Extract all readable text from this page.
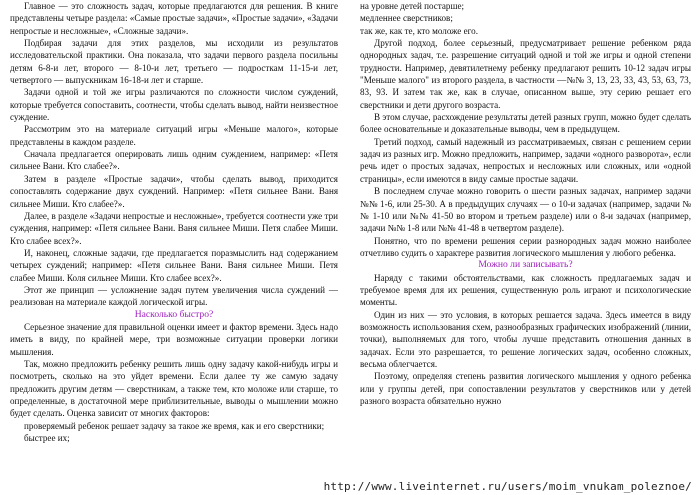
Главное — это сложность задач, которые предлагаются для решения. В книге представлены четыре раздела: «Самые простые задачи», «Простые задачи», «Задачи непростые и несложные», «Сложные задачи».

Подбирая задачи для этих разделов, мы исходили из результатов исследовательской практики. Она показала, что задачи первого раздела посильны детям 6-8-и лет, второго — 8-10-и лет, третьего — подросткам 11-15-и лет, четвертого — выпускникам 16-18-и лет и старше.

Задачи одной и той же игры различаются по сложности числом суждений, которые требуется сопоставить, соотнести, чтобы сделать вывод, найти неизвестное суждение.

Рассмотрим это на материале ситуаций игры «Меньше малого», которые представлены в каждом разделе.

Сначала предлагается оперировать лишь одним суждением, например: «Петя сильнее Вани. Кто слабее?».

Затем в разделе «Простые задачи», чтобы сделать вывод, приходится сопоставлять содержание двух суждений. Например: «Петя сильнее Вани. Ваня сильнее Миши. Кто слабее?».

Далее, в разделе «Задачи непростые и несложные», требуется соотнести уже три суждения, например: «Петя сильнее Вани. Ваня сильнее Миши. Петя слабее Миши. Кто слабее всех?».

И, наконец, сложные задачи, где предлагается поразмыслить над содержанием четырех суждений; например: «Петя сильнее Вани. Ваня сильнее Миши. Петя слабее Миши. Коля сильнее Миши. Кто слабее всех?».

Этот же принцип — усложнение задач путем увеличения числа суждений — реализован на материале каждой логической игры.

Насколько быстро?

Серьезное значение для правильной оценки имеет и фактор времени. Здесь надо иметь в виду, по крайней мере, три возможные ситуации проверки логики мышления.

Так, можно предложить ребенку решить лишь одну задачу какой-нибудь игры и посмотреть, сколько на это уйдет времени. Если далее ту же самую задачу предложить другим детям — сверстникам, а также тем, кто моложе или старше, то определенные, в достаточной мере приблизительные, выводы о мышлении можно будет сделать. Оценка зависит от многих факторов:

проверяемый ребенок решает задачу за такое же время, как и его сверстники;

быстрее их;

на уровне детей постарше;

медленнее сверстников;

так же, как те, кто моложе его.

Другой подход, более серьезный, предусматривает решение ребенком ряда однородных задач, т.е. разрешение ситуаций одной и той же игры и одной степени трудности. Например, девятилетнему ребенку предлагают решить 10-12 задач игры "Меньше малого" из второго раздела, в частности —№№ 3, 13, 23, 33, 43, 53, 63, 73, 83, 93. И затем так же, как в случае, описанном выше, эту серию решает его сверстники и дети другого возраста.

В этом случае, расхождение результаты детей разных групп, можно будет сделать более основательные и доказательные выводы, чем в предыдущем.

Третий подход, самый надежный из рассматриваемых, связан с решением серии задач из разных игр. Можно предложить, например, задачи «одного разворота», если речь идет о простых задачах, непростых и несложных или сложных, или «одной страницы», если имеются в виду самые простые задачи.

В последнем случае можно говорить о шести разных задачах, например задачи №№ 1-6, или 25-30. А в предыдущих случаях — о 10-и задачах (например, задачи №№ 1-10 или №№ 41-50 во втором и третьем разделе) или о 8-и задачах (например, задачи №№ 1-8 или №№ 41-48 в четвертом разделе).

Понятно, что по времени решения серии разнородных задач можно наиболее отчетливо судить о характере развития логического мышления у любого ребенка.

Можно ли записывать?

Наряду с такими обстоятельствами, как сложность предлагаемых задач и требуемое время для их решения, существенную роль играют и психологические моменты.

Один из них — это условия, в которых решается задача. Здесь имеется в виду возможность использования схем, разнообразных графических изображений (линии, точки), выполняемых для того, чтобы лучше представить отношения данных в задачах. Если это разрешается, то решение логических задач, особенно сложных, весьма облегчается.

Поэтому, определяя степень развития логического мышления у одного ребенка или у группы детей, при сопоставлении результатов у сверстников или у детей разного возраста обязательно нужно

http://www.liveinternet.ru/users/moim_vnukam_poleznoe/
